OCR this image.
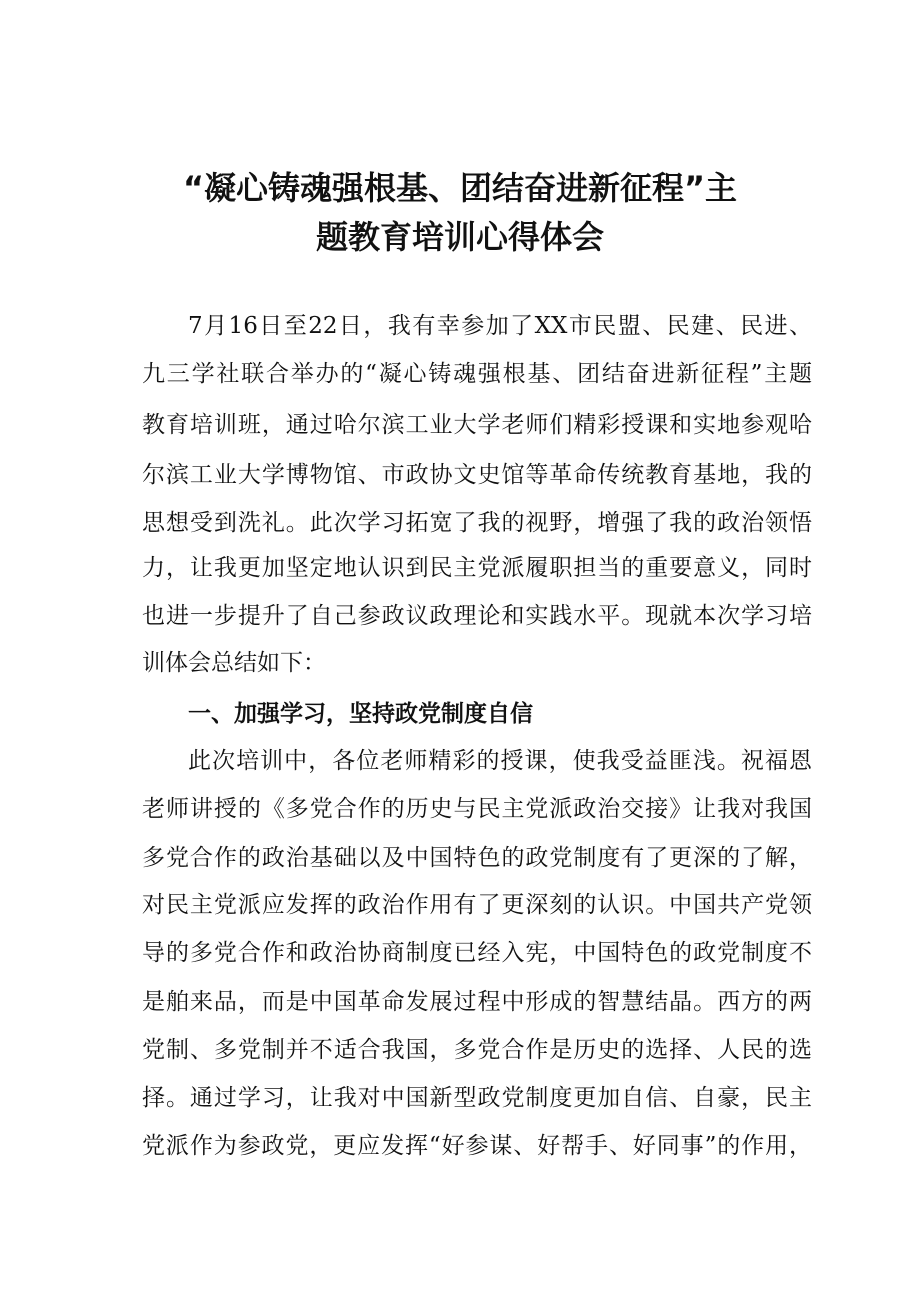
“凝心铸魂强根基、团结奋进新征程”主
题教育培训心得体会
7月16日至22日，我有幸参加了XX市民盟、民建、民进、
九三学社联合举办的“凝心铸魂强根基、团结奋进新征程”主题
教育培训班，通过哈尔滨工业大学老师们精彩授课和实地参观哈
尔滨工业大学博物馆、市政协文史馆等革命传统教育基地，我的
思想受到洗礼。此次学习拓宽了我的视野，增强了我的政治领悟
力，让我更加坚定地认识到民主党派履职担当的重要意义，同时
也进一步提升了自己参政议政理论和实践水平。现就本次学习培
训体会总结如下：
一、加强学习，坚持政党制度自信
此次培训中，各位老师精彩的授课，使我受益匪浅。祝福恩
老师讲授的《多党合作的历史与民主党派政治交接》让我对我国
多党合作的政治基础以及中国特色的政党制度有了更深的了解，
对民主党派应发挥的政治作用有了更深刻的认识。中国共产党领
导的多党合作和政治协商制度已经入宪，中国特色的政党制度不
是舶来品，而是中国革命发展过程中形成的智慧结晶。西方的两
党制、多党制并不适合我国，多党合作是历史的选择、人民的选
择。通过学习，让我对中国新型政党制度更加自信、自豪，民主
党派作为参政党，更应发挥“好参谋、好帮手、好同事”的作用，
